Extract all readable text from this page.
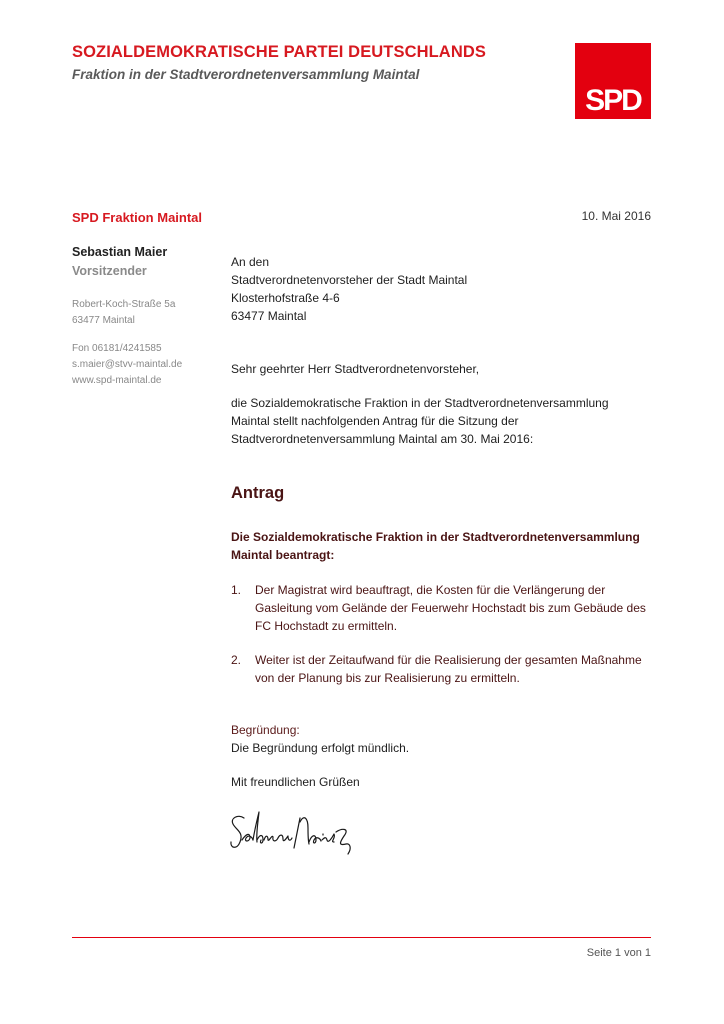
SOZIALDEMOKRATISCHE PARTEI DEUTSCHLANDS
Fraktion in der Stadtverordnetenversammlung Maintal
SPD
SPD Fraktion Maintal	10. Mai 2016
Sebastian Maier
Vorsitzender
Robert-Koch-Straße 5a
63477 Maintal
Fon 06181/4241585
s.maier@stvv-maintal.de
www.spd-maintal.de
An den
Stadtverordnetenvorsteher der Stadt Maintal
Klosterhofstraße 4-6
63477 Maintal
Sehr geehrter Herr Stadtverordnetenvorsteher,
die Sozialdemokratische Fraktion in der Stadtverordnetenversammlung
Maintal stellt nachfolgenden Antrag für die Sitzung der
Stadtverordnetenversammlung Maintal am 30. Mai 2016:
Antrag
Die Sozialdemokratische Fraktion in der Stadtverordnetenversammlung
Maintal beantragt:
1. Der Magistrat wird beauftragt, die Kosten für die Verlängerung der
Gasleitung vom Gelände der Feuerwehr Hochstadt bis zum Gebäude des
FC Hochstadt zu ermitteln.
2. Weiter ist der Zeitaufwand für die Realisierung der gesamten Maßnahme
von der Planung bis zur Realisierung zu ermitteln.
Begründung:
Die Begründung erfolgt mündlich.
Mit freundlichen Grüßen
Seite 1 von 1
